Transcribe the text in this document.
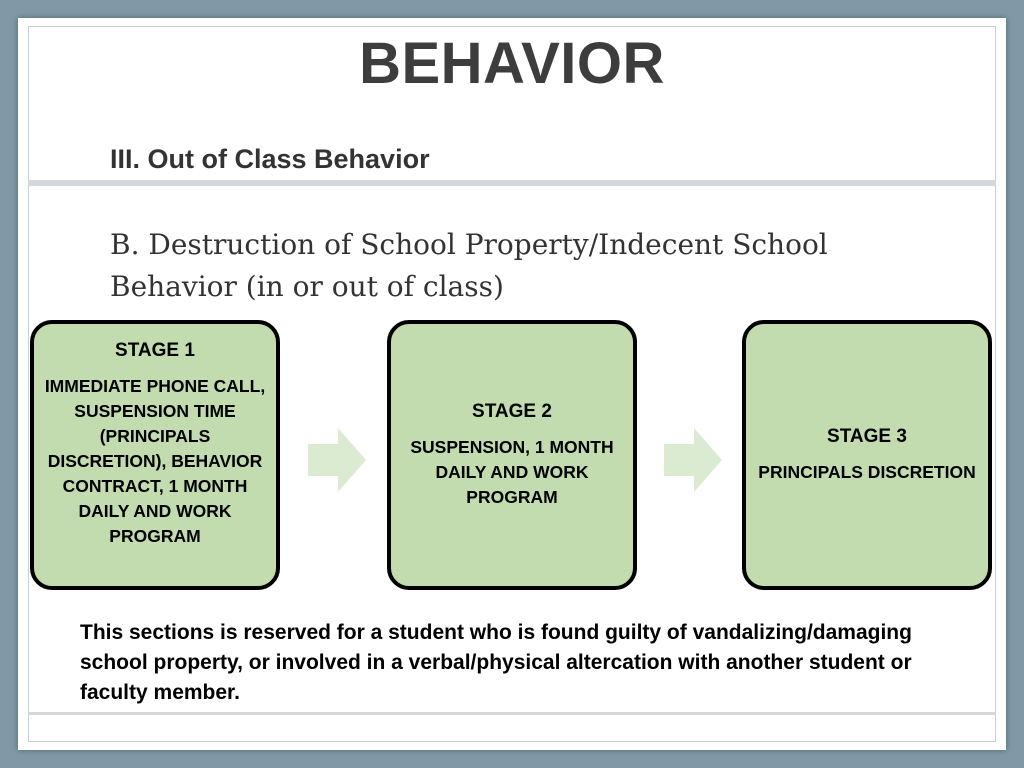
BEHAVIOR
III. Out of Class Behavior
B. Destruction of School Property/Indecent School Behavior (in or out of class)
STAGE 1
IMMEDIATE PHONE CALL, SUSPENSION TIME (PRINCIPALS DISCRETION), BEHAVIOR CONTRACT, 1 MONTH DAILY AND WORK PROGRAM
STAGE 2
SUSPENSION, 1 MONTH DAILY AND WORK PROGRAM
STAGE 3
PRINCIPALS DISCRETION
This sections is reserved for a student who is found guilty of vandalizing/damaging school property, or involved in a verbal/physical altercation with another student or faculty member.
